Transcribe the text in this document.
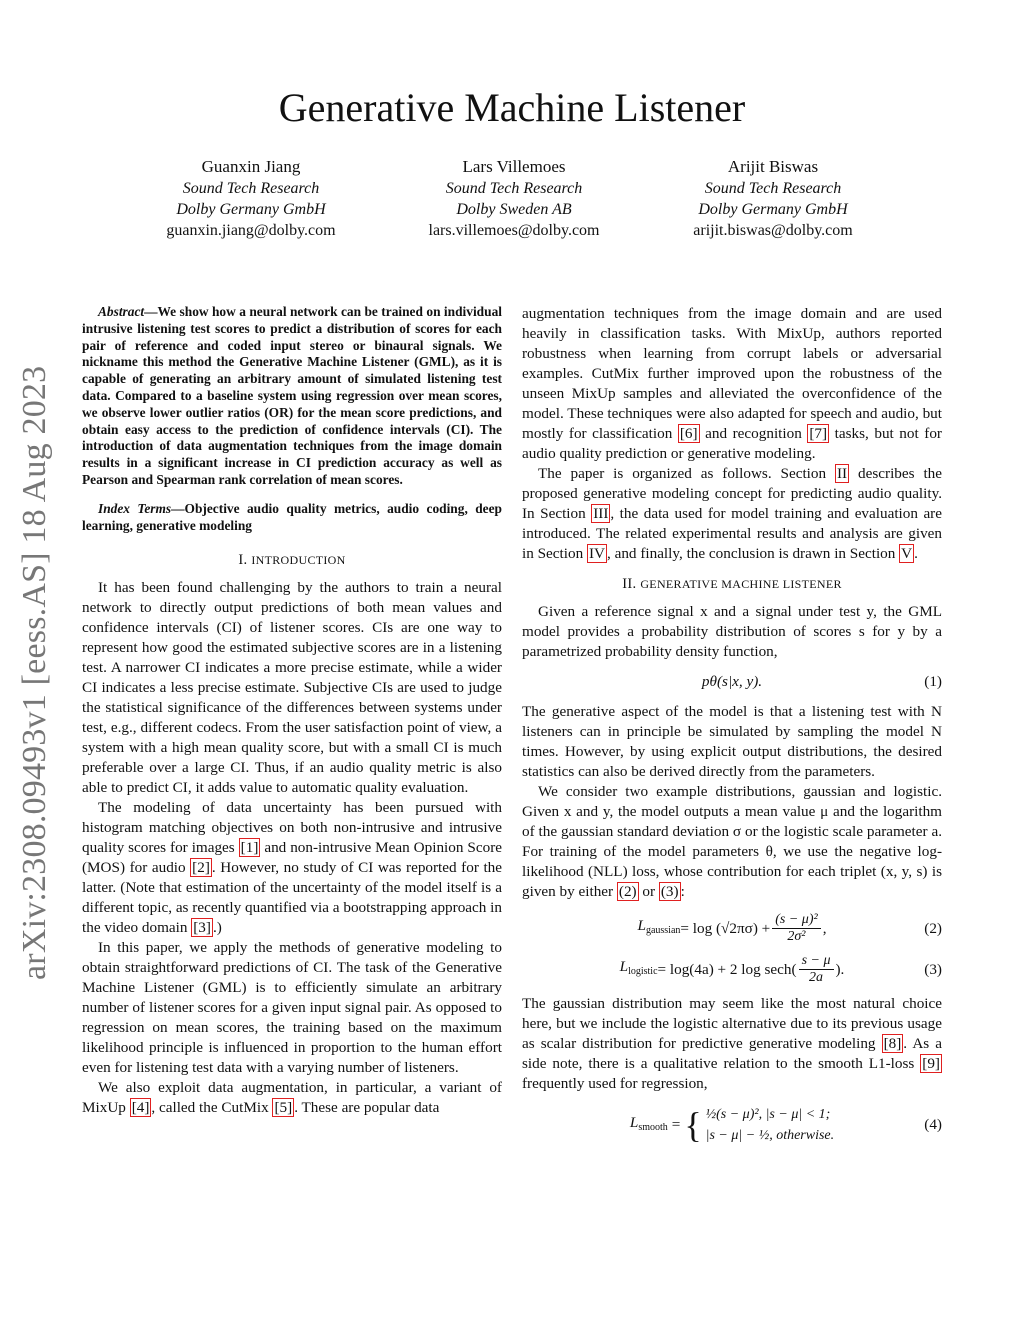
arXiv:2308.09493v1 [eess.AS] 18 Aug 2023
Generative Machine Listener
Guanxin Jiang
Sound Tech Research
Dolby Germany GmbH
guanxin.jiang@dolby.com
Lars Villemoes
Sound Tech Research
Dolby Sweden AB
lars.villemoes@dolby.com
Arijit Biswas
Sound Tech Research
Dolby Germany GmbH
arijit.biswas@dolby.com

Abstract—We show how a neural network can be trained on individual intrusive listening test scores to predict a distribution of scores for each pair of reference and coded input stereo or binaural signals. We nickname this method the Generative Machine Listener (GML), as it is capable of generating an arbitrary amount of simulated listening test data. Compared to a baseline system using regression over mean scores, we observe lower outlier ratios (OR) for the mean score predictions, and obtain easy access to the prediction of confidence intervals (CI). The introduction of data augmentation techniques from the image domain results in a significant increase in CI prediction accuracy as well as Pearson and Spearman rank correlation of mean scores.

Index Terms—Objective audio quality metrics, audio coding, deep learning, generative modeling

I. INTRODUCTION

It has been found challenging by the authors to train a neural network to directly output predictions of both mean values and confidence intervals (CI) of listener scores. CIs are one way to represent how good the estimated subjective scores are in a listening test. A narrower CI indicates a more precise estimate, while a wider CI indicates a less precise estimate. Subjective CIs are used to judge the statistical significance of the differences between systems under test, e.g., different codecs. From the user satisfaction point of view, a system with a high mean quality score, but with a small CI is much preferable over a large CI. Thus, if an audio quality metric is also able to predict CI, it adds value to automatic quality evaluation.

The modeling of data uncertainty has been pursued with histogram matching objectives on both non-intrusive and intrusive quality scores for images [1] and non-intrusive Mean Opinion Score (MOS) for audio [2] . However, no study of CI was reported for the latter. (Note that estimation of the uncertainty of the model itself is a different topic, as recently quantified via a bootstrapping approach in the video domain [3] .)

In this paper, we apply the methods of generative modeling to obtain straightforward predictions of CI. The task of the Generative Machine Listener (GML) is to efficiently simulate an arbitrary number of listener scores for a given input signal pair. As opposed to regression on mean scores, the training based on the maximum likelihood principle is influenced in proportion to the human effort even for listening test data with a varying number of listeners.

We also exploit data augmentation, in particular, a variant of MixUp [4] , called the CutMix [5] . These are popular data

augmentation techniques from the image domain and are used heavily in classification tasks. With MixUp, authors reported robustness when learning from corrupt labels or adversarial examples. CutMix further improved upon the robustness of the unseen MixUp samples and alleviated the overconfidence of the model. These techniques were also adapted for speech and audio, but mostly for classification [6] and recognition [7] tasks, but not for audio quality prediction or generative modeling.

The paper is organized as follows. Section II describes the proposed generative modeling concept for predicting audio quality. In Section III , the data used for model training and evaluation are introduced. The related experimental results and analysis are given in Section IV , and finally, the conclusion is drawn in Section V .

II. GENERATIVE MACHINE LISTENER

Given a reference signal x and a signal under test y, the GML model provides a probability distribution of scores s for y by a parametrized probability density function,

pθ(s|x, y).	(1)

The generative aspect of the model is that a listening test with N listeners can in principle be simulated by sampling the model N times. However, by using explicit output distributions, the desired statistics can also be derived directly from the parameters.

We consider two example distributions, gaussian and logistic. Given x and y, the model outputs a mean value μ and the logarithm of the gaussian standard deviation σ or the logistic scale parameter a. For training of the model parameters θ, we use the negative log-likelihood (NLL) loss, whose contribution for each triplet (x, y, s) is given by either (2) or (3) :

$L_{gaussian} = \log (√2\pi\sigma) + \frac{\text{(s − μ)²}}{\text{2σ²}}$ ,	(2)
$L_{logistic} = \log(4a) + 2$ $\log \sec h( \frac{s - \mu}{2a}$ ).	(3)

The gaussian distribution may seem like the most natural choice here, but we include the logistic alternative due to its previous usage as scalar distribution for predictive generative modeling [8] . As a side note, there is a qualitative relation to the smooth L1-loss [9] frequently used for regression,

$L_{smooth}$ = { ½(s − μ)², |s − μ| < 1;
|s − μ| − ½, otherwise.
(4)
